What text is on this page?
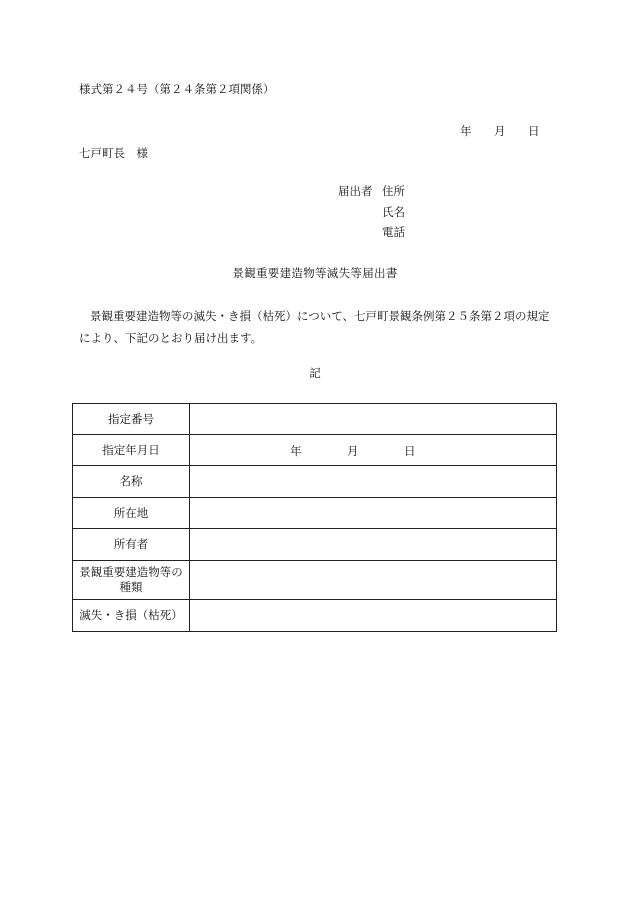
様式第２４号（第２４条第２項関係）
年 月 日
七戸町長　様
届出者 住所
氏名
電話
景観重要建造物等滅失等届出書
景観重要建造物等の滅失・き損（枯死）について、七戸町景観条例第２５条第２項の規定により、下記のとおり届け出ます。
記
指定番号	
指定年月日	年 月 日

名称	
所在地	
所有者	
景観重要建造物等の
種類	
滅失・き損（枯死）	
